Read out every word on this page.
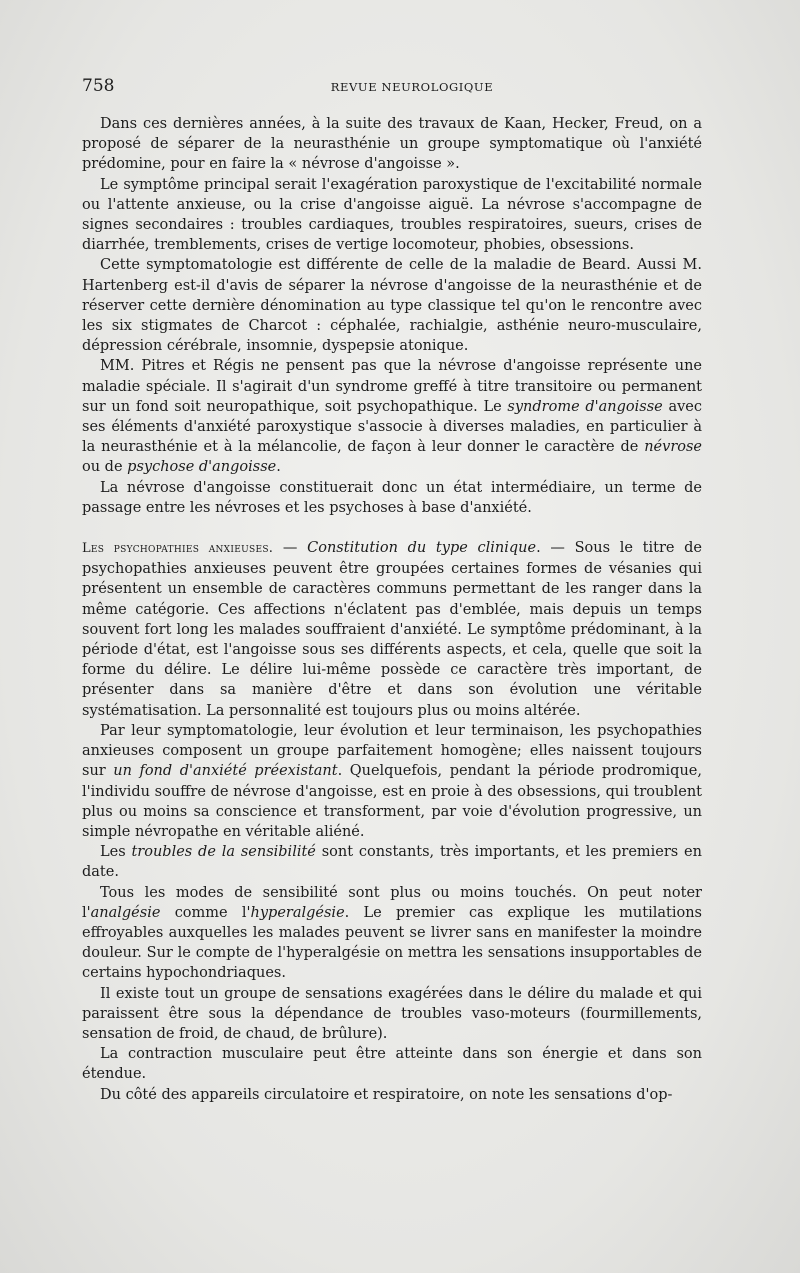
758	REVUE NEUROLOGIQUE

Dans ces dernières années, à la suite des travaux de Kaan, Hecker, Freud, on a proposé de séparer de la neurasthénie un groupe symptomatique où l'anxiété prédomine, pour en faire la « névrose d'angoisse ».

Le symptôme principal serait l'exagération paroxystique de l'excitabilité normale ou l'attente anxieuse, ou la crise d'angoisse aiguë. La névrose s'accompagne de signes secondaires : troubles cardiaques, troubles respiratoires, sueurs, crises de diarrhée, tremblements, crises de vertige locomoteur, phobies, obsessions.

Cette symptomatologie est différente de celle de la maladie de Beard. Aussi M. Hartenberg est-il d'avis de séparer la névrose d'angoisse de la neurasthénie et de réserver cette dernière dénomination au type classique tel qu'on le rencontre avec les six stigmates de Charcot : céphalée, rachialgie, asthénie neuro-musculaire, dépression cérébrale, insomnie, dyspepsie atonique.

MM. Pitres et Régis ne pensent pas que la névrose d'angoisse représente une maladie spéciale. Il s'agirait d'un syndrome greffé à titre transitoire ou permanent sur un fond soit neuropathique, soit psychopathique. Le syndrome d'angoisse avec ses éléments d'anxiété paroxystique s'associe à diverses maladies, en particulier à la neurasthénie et à la mélancolie, de façon à leur donner le caractère de névrose ou de psychose d'angoisse.

La névrose d'angoisse constituerait donc un état intermédiaire, un terme de passage entre les névroses et les psychoses à base d'anxiété.

Les psychopathies anxieuses. — Constitution du type clinique. — Sous le titre de psychopathies anxieuses peuvent être groupées certaines formes de vésanies qui présentent un ensemble de caractères communs permettant de les ranger dans la même catégorie. Ces affections n'éclatent pas d'emblée, mais depuis un temps souvent fort long les malades souffraient d'anxiété. Le symptôme prédominant, à la période d'état, est l'angoisse sous ses différents aspects, et cela, quelle que soit la forme du délire. Le délire lui-même possède ce caractère très important, de présenter dans sa manière d'être et dans son évolution une véritable systématisation. La personnalité est toujours plus ou moins altérée.

Par leur symptomatologie, leur évolution et leur terminaison, les psychopathies anxieuses composent un groupe parfaitement homogène; elles naissent toujours sur un fond d'anxiété préexistant. Quelquefois, pendant la période prodromique, l'individu souffre de névrose d'angoisse, est en proie à des obsessions, qui troublent plus ou moins sa conscience et transforment, par voie d'évolution progressive, un simple névropathe en véritable aliéné.

Les troubles de la sensibilité sont constants, très importants, et les premiers en date.

Tous les modes de sensibilité sont plus ou moins touchés. On peut noter l'analgésie comme l'hyperalgésie. Le premier cas explique les mutilations effroyables auxquelles les malades peuvent se livrer sans en manifester la moindre douleur. Sur le compte de l'hyperalgésie on mettra les sensations insupportables de certains hypochondriaques.

Il existe tout un groupe de sensations exagérées dans le délire du malade et qui paraissent être sous la dépendance de troubles vaso-moteurs (fourmillements, sensation de froid, de chaud, de brûlure).

La contraction musculaire peut être atteinte dans son énergie et dans son étendue.

Du côté des appareils circulatoire et respiratoire, on note les sensations d'op-
